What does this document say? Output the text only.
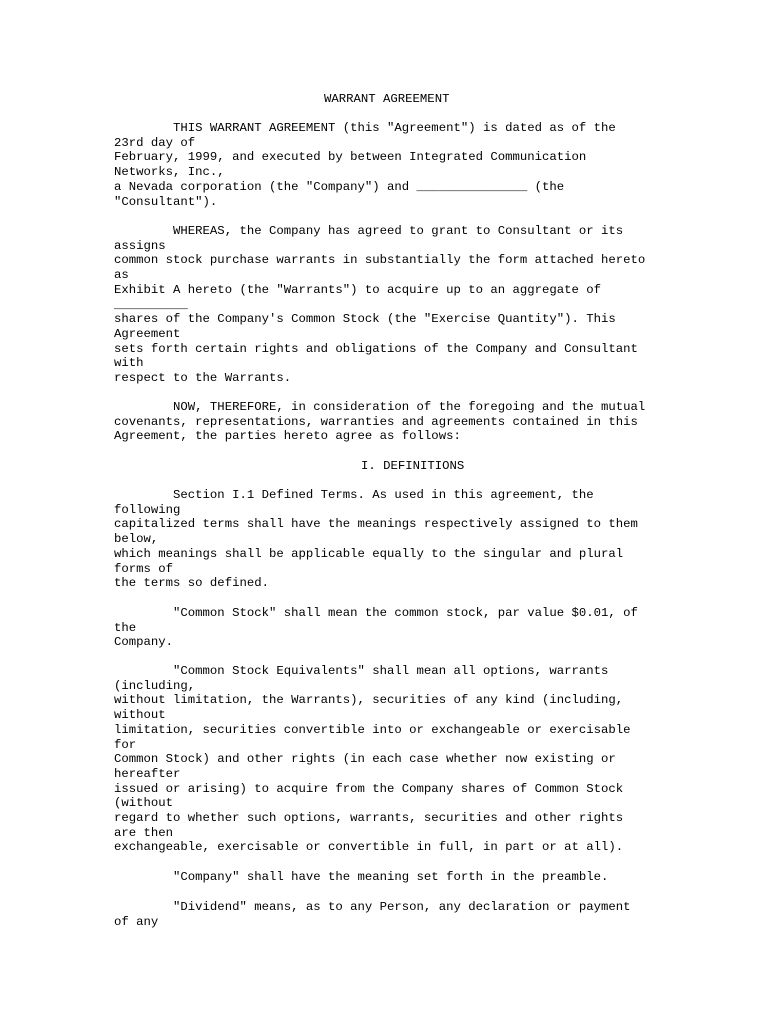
WARRANT AGREEMENT
THIS WARRANT AGREEMENT (this "Agreement") is dated as of the
23rd day of
February, 1999, and executed by between Integrated Communication
Networks, Inc.,
a Nevada corporation (the "Company") and _______________ (the
"Consultant").
WHEREAS, the Company has agreed to grant to Consultant or its
assigns
common stock purchase warrants in substantially the form attached hereto
as
Exhibit A hereto (the "Warrants") to acquire up to an aggregate of
__________
shares of the Company's Common Stock (the "Exercise Quantity"). This
Agreement
sets forth certain rights and obligations of the Company and Consultant
with
respect to the Warrants.
NOW, THEREFORE, in consideration of the foregoing and the mutual
covenants, representations, warranties and agreements contained in this
Agreement, the parties hereto agree as follows:
I. DEFINITIONS
Section I.1 Defined Terms. As used in this agreement, the
following
capitalized terms shall have the meanings respectively assigned to them
below,
which meanings shall be applicable equally to the singular and plural
forms of
the terms so defined.
"Common Stock" shall mean the common stock, par value $0.01, of
the
Company.
"Common Stock Equivalents" shall mean all options, warrants
(including,
without limitation, the Warrants), securities of any kind (including,
without
limitation, securities convertible into or exchangeable or exercisable
for
Common Stock) and other rights (in each case whether now existing or
hereafter
issued or arising) to acquire from the Company shares of Common Stock
(without
regard to whether such options, warrants, securities and other rights
are then
exchangeable, exercisable or convertible in full, in part or at all).
"Company" shall have the meaning set forth in the preamble.
"Dividend" means, as to any Person, any declaration or payment
of any
